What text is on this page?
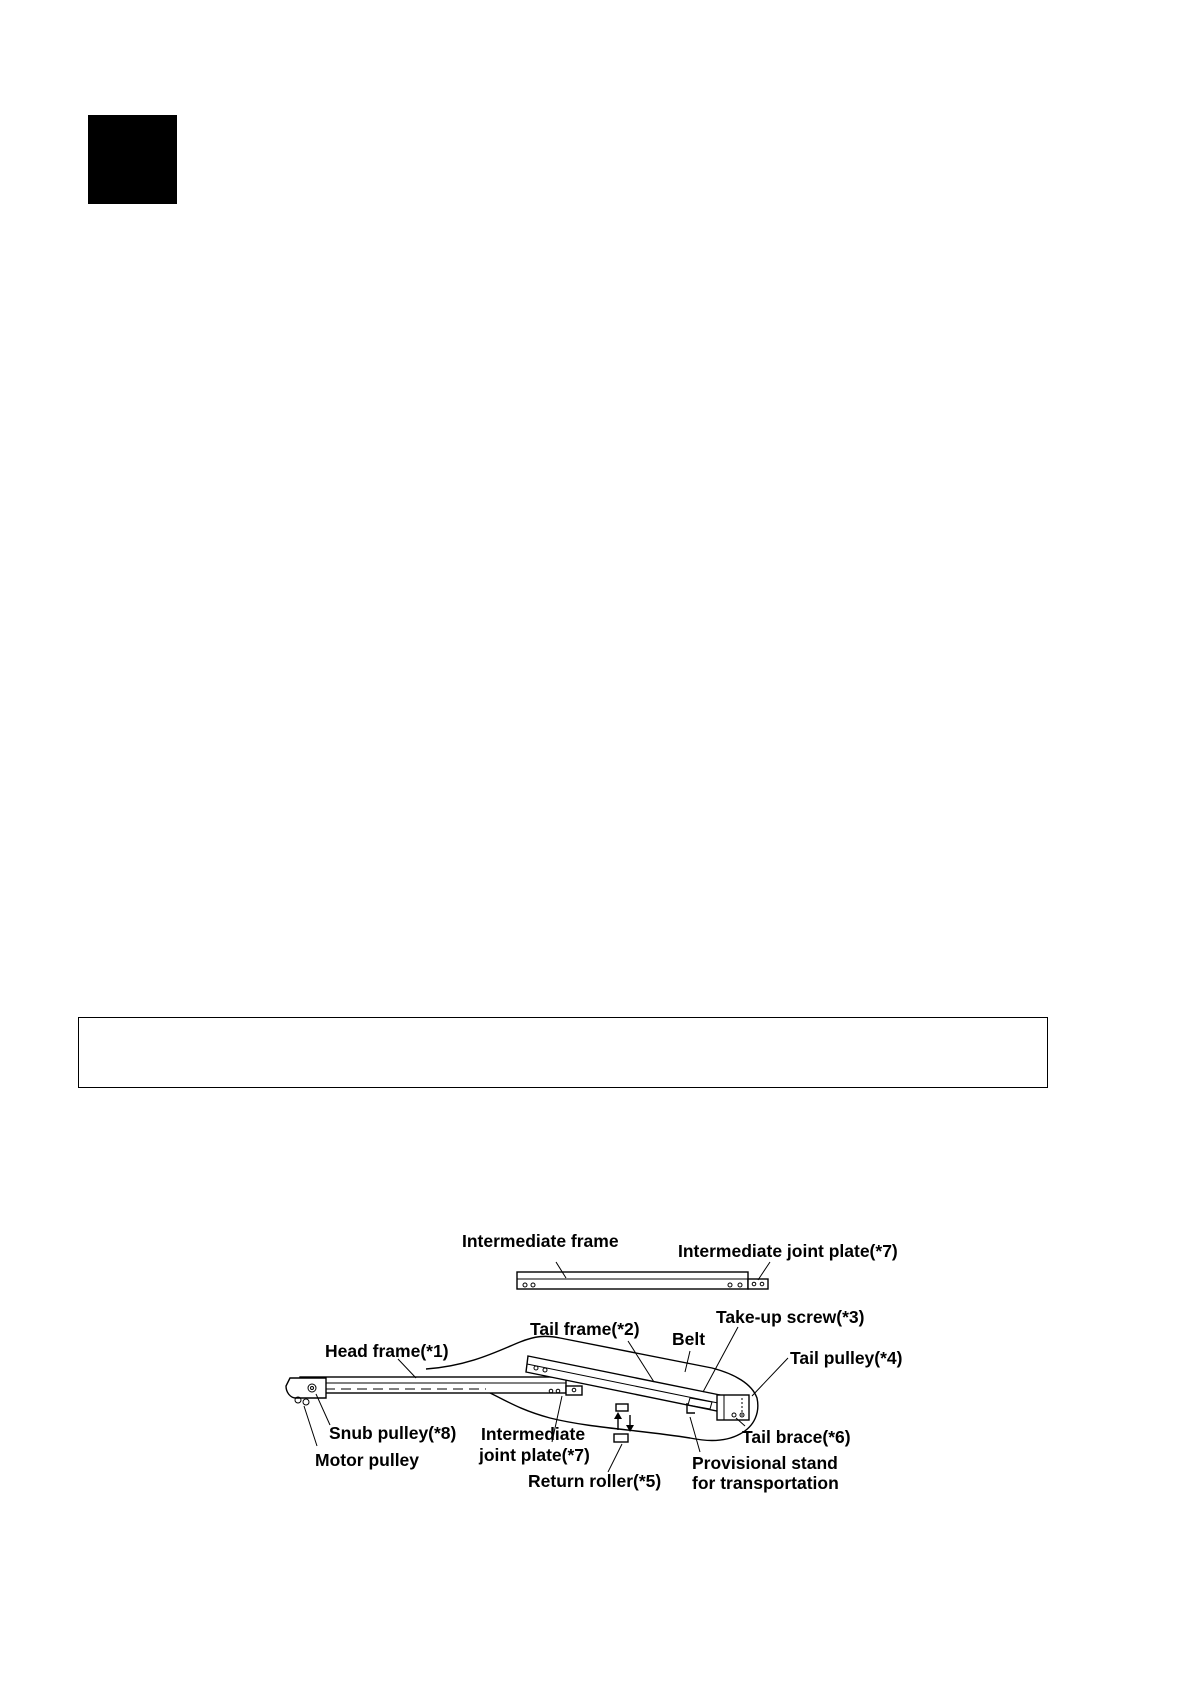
Intermediate frame	Intermediate joint plate(*7)
Tail frame(*2) Belt
Take-up screw(*3)
Tail pulley(*4)
Head frame(*1)
Snub pulley(*8)
Motor pulley
Intermediate
joint plate(*7)
Return roller(*5)
Tail brace(*6)
Provisional stand
for transportation
